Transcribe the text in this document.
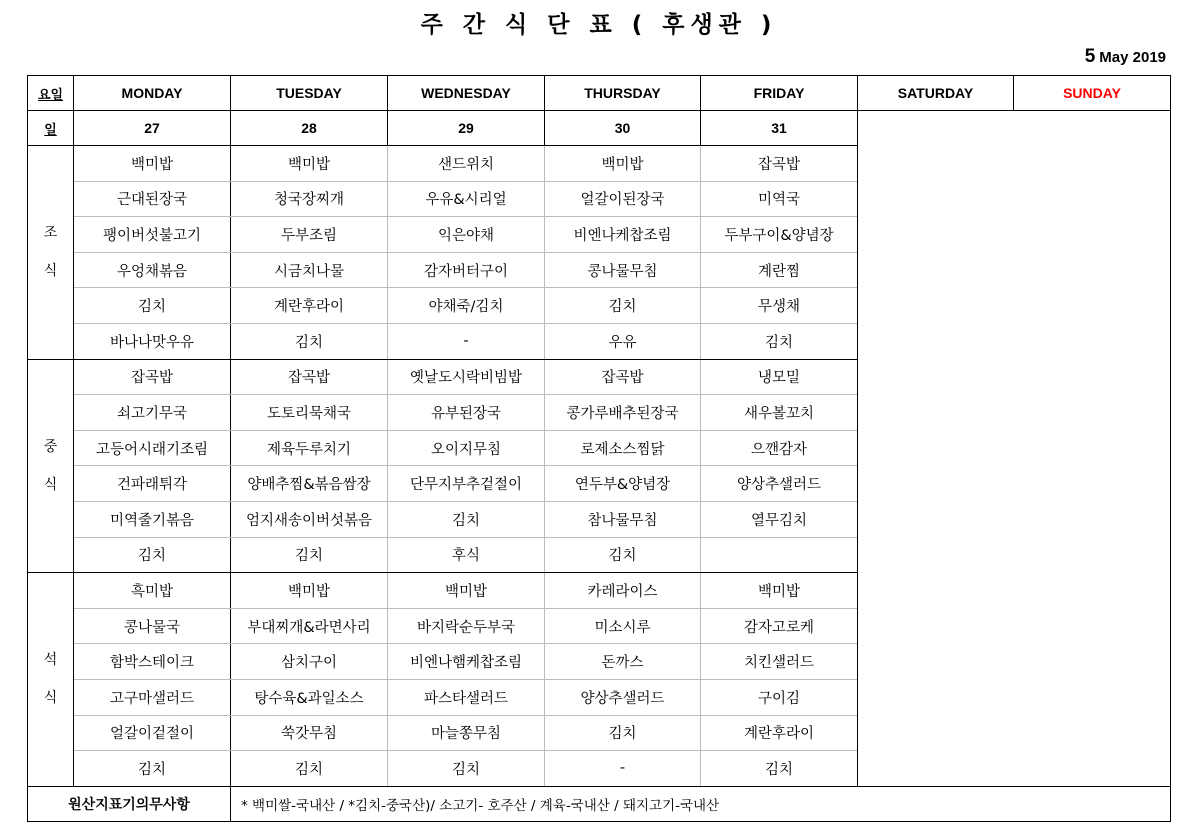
주 간 식 단 표 ( 후생관 )
5 May 2019
요일	MONDAY	TUESDAY	WEDNESDAY	THURSDAY	FRIDAY	SATURDAY	SUNDAY
일	27	28	29	30	31		

조
식	백미밥	백미밥	샌드위치	백미밥	잡곡밥		
	근대된장국	청국장찌개	우유&시리얼	얼갈이된장국	미역국		
	팽이버섯불고기	두부조림	익은야채	비엔나케찹조림	두부구이&양념장		
	우엉채볶음	시금치나물	감자버터구이	콩나물무침	계란찜		
	김치	계란후라이	야채죽/김치	김치	무생채		
	바나나맛우유	김치	-	우유	김치		

중
식	잡곡밥	잡곡밥	옛날도시락비빔밥	잡곡밥	냉모밀		
	쇠고기무국	도토리묵채국	유부된장국	콩가루배추된장국	새우볼꼬치		
	고등어시래기조림	제육두루치기	오이지무침	로제소스찜닭	으깬감자		
	건파래튀각	양배추찜&볶음쌈장	단무지부추겉절이	연두부&양념장	양상추샐러드		
	미역줄기볶음	엄지새송이버섯볶음	김치	참나물무침	열무김치		
	김치	김치	후식	김치			

석
식	흑미밥	백미밥	백미밥	카레라이스	백미밥		
	콩나물국	부대찌개&라면사리	바지락순두부국	미소시루	감자고로케		
	함박스테이크	삼치구이	비엔나햄케찹조림	돈까스	치킨샐러드		
	고구마샐러드	탕수육&과일소스	파스타샐러드	양상추샐러드	구이김		
	얼갈이겉절이	쑥갓무침	마늘쫑무침	김치	계란후라이		
	김치	김치	김치	-	김치		
원산지표기의무사항		* 백미쌀-국내산 / *김치-중국산)/ 소고기- 호주산 / 계육-국내산 / 돼지고기-국내산					
